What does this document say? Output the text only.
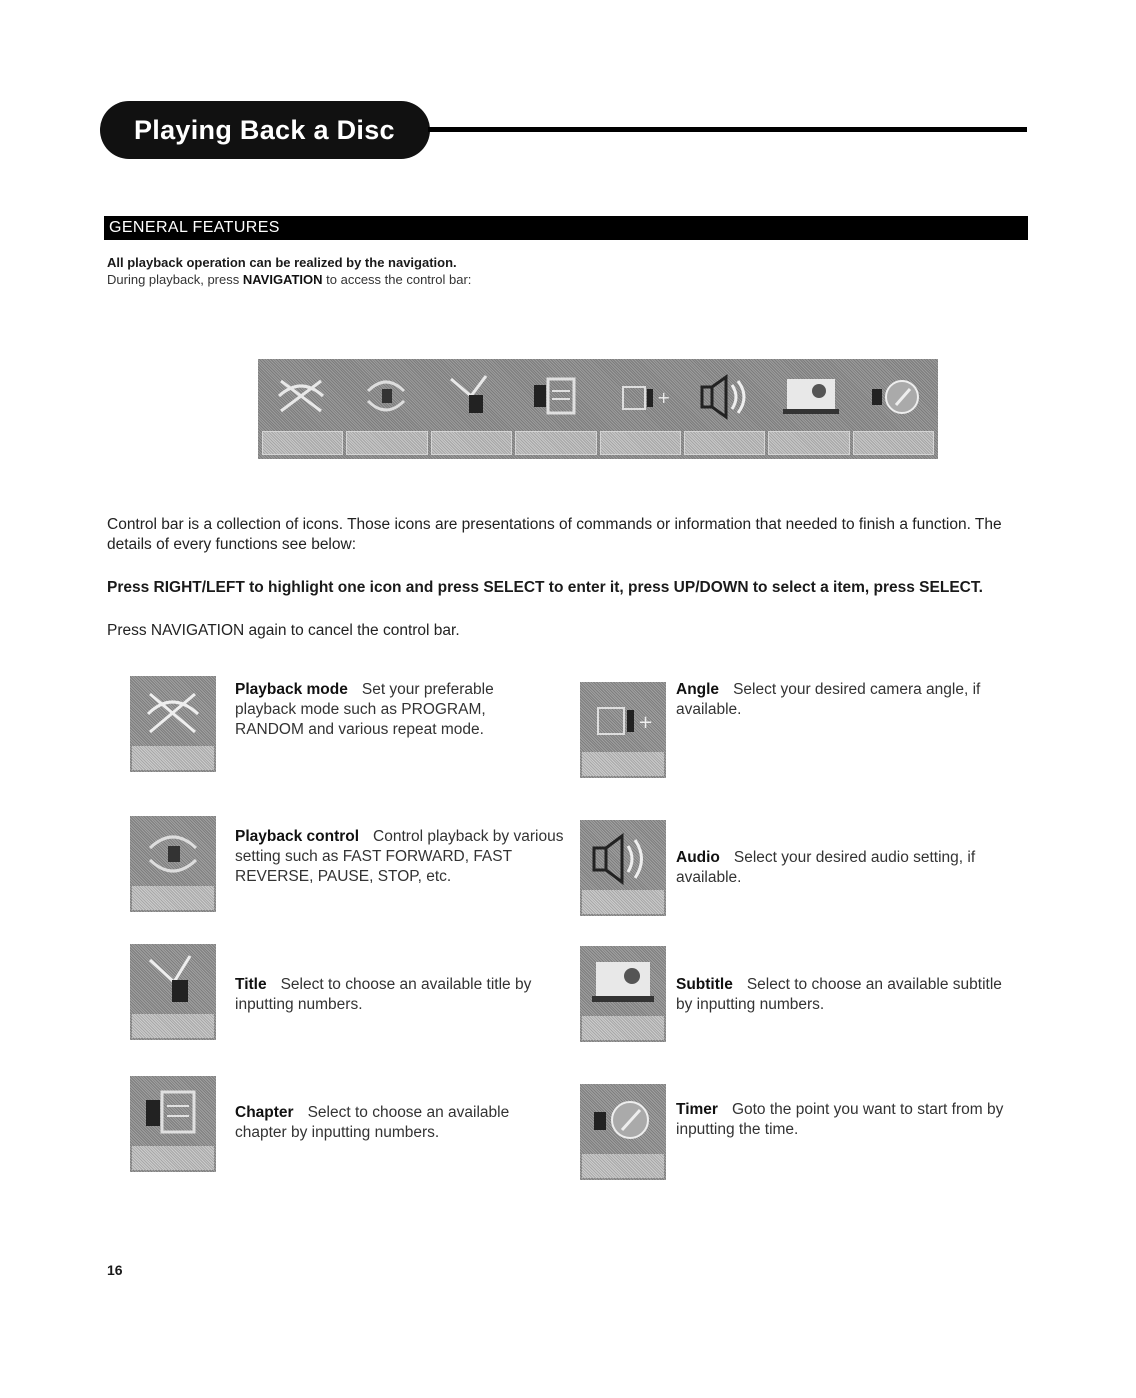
Playing Back a Disc
GENERAL FEATURES
All playback operation can be realized by the navigation.
During playback, press NAVIGATION to access the control bar:
+
Control bar is a collection of icons. Those icons are presentations of commands or information that needed to finish a function. The details of every functions see below:
Press RIGHT/LEFT to highlight one icon and press SELECT to enter it, press UP/DOWN to select a item, press SELECT.
Press NAVIGATION again to cancel the control bar.
Playback mode Set your preferable playback mode such as PROGRAM, RANDOM and various repeat mode.
Playback control Control playback by various setting such as FAST FORWARD, FAST REVERSE, PAUSE, STOP, etc.
Title Select to choose an available title by inputting numbers.
Chapter Select to choose an available chapter by inputting numbers.
+
Angle Select your desired camera angle, if available.
Audio Select your desired audio setting, if available.
Subtitle Select to choose an available subtitle by inputting numbers.
Timer Goto the point you want to start from by inputting the time.
16
